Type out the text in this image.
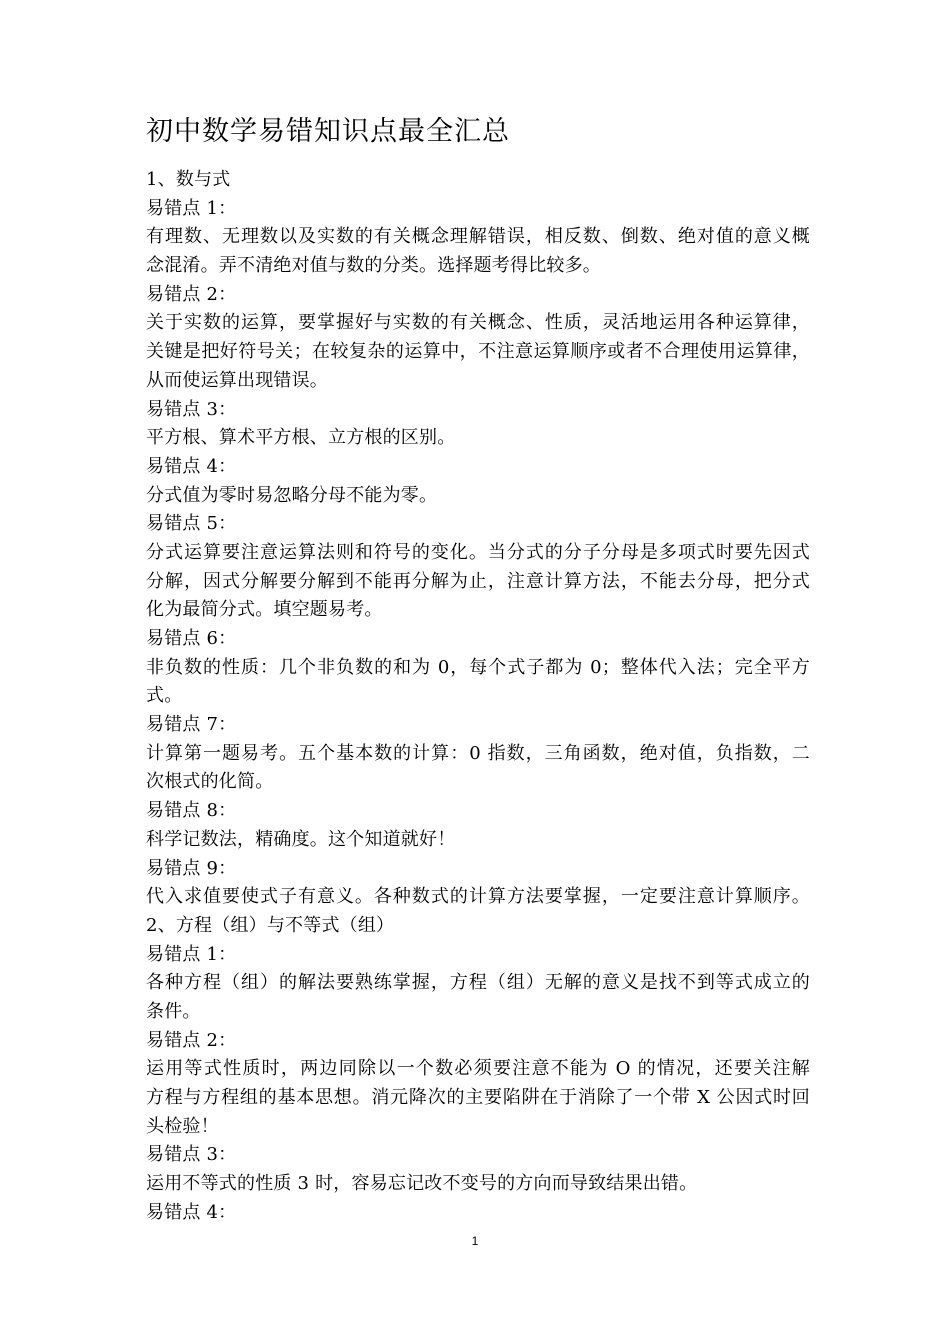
初中数学易错知识点最全汇总
1、数与式
易错点 1：
有理数、无理数以及实数的有关概念理解错误，相反数、倒数、绝对值的意义概
念混淆。弄不清绝对值与数的分类。选择题考得比较多。
易错点 2：
关于实数的运算，要掌握好与实数的有关概念、性质，灵活地运用各种运算律，
关键是把好符号关；在较复杂的运算中，不注意运算顺序或者不合理使用运算律，
从而使运算出现错误。
易错点 3：
平方根、算术平方根、立方根的区别。
易错点 4：
分式值为零时易忽略分母不能为零。
易错点 5：
分式运算要注意运算法则和符号的变化。当分式的分子分母是多项式时要先因式
分解，因式分解要分解到不能再分解为止，注意计算方法，不能去分母，把分式
化为最简分式。填空题易考。
易错点 6：
非负数的性质：几个非负数的和为 0，每个式子都为 0；整体代入法；完全平方
式。
易错点 7：
计算第一题易考。五个基本数的计算：0 指数，三角函数，绝对值，负指数，二
次根式的化简。
易错点 8：
科学记数法，精确度。这个知道就好！
易错点 9：
代入求值要使式子有意义。各种数式的计算方法要掌握，一定要注意计算顺序。
2、方程（组）与不等式（组）
易错点 1：
各种方程（组）的解法要熟练掌握，方程（组）无解的意义是找不到等式成立的
条件。
易错点 2：
运用等式性质时，两边同除以一个数必须要注意不能为 O 的情况，还要关注解
方程与方程组的基本思想。消元降次的主要陷阱在于消除了一个带 X 公因式时回
头检验！
易错点 3：
运用不等式的性质 3 时，容易忘记改不变号的方向而导致结果出错。
易错点 4：
1
